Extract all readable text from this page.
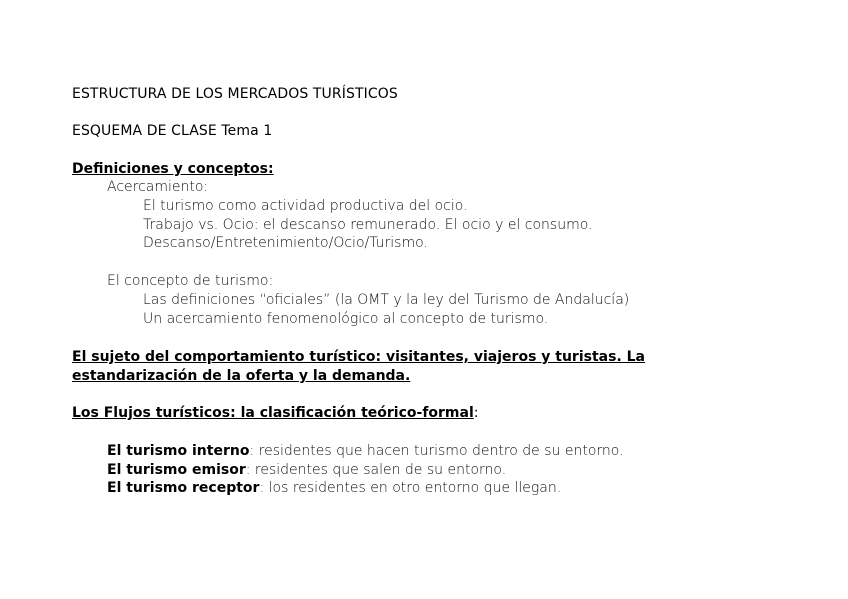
ESTRUCTURA DE LOS MERCADOS TURÍSTICOS
ESQUEMA DE CLASE Tema 1
Definiciones y conceptos:
Acercamiento:
El turismo como actividad productiva del ocio.
Trabajo vs. Ocio: el descanso remunerado. El ocio y el consumo.
Descanso/Entretenimiento/Ocio/Turismo.
El concepto de turismo:
Las definiciones “oficiales” (la OMT y la ley del Turismo de Andalucía)
Un acercamiento fenomenológico al concepto de turismo.
El sujeto del comportamiento turístico: visitantes, viajeros y turistas. La
estandarización de la oferta y la demanda.
Los Flujos turísticos: la clasificación teórico-formal:
El turismo interno: residentes que hacen turismo dentro de su entorno.
El turismo emisor: residentes que salen de su entorno.
El turismo receptor: los residentes en otro entorno que llegan.
